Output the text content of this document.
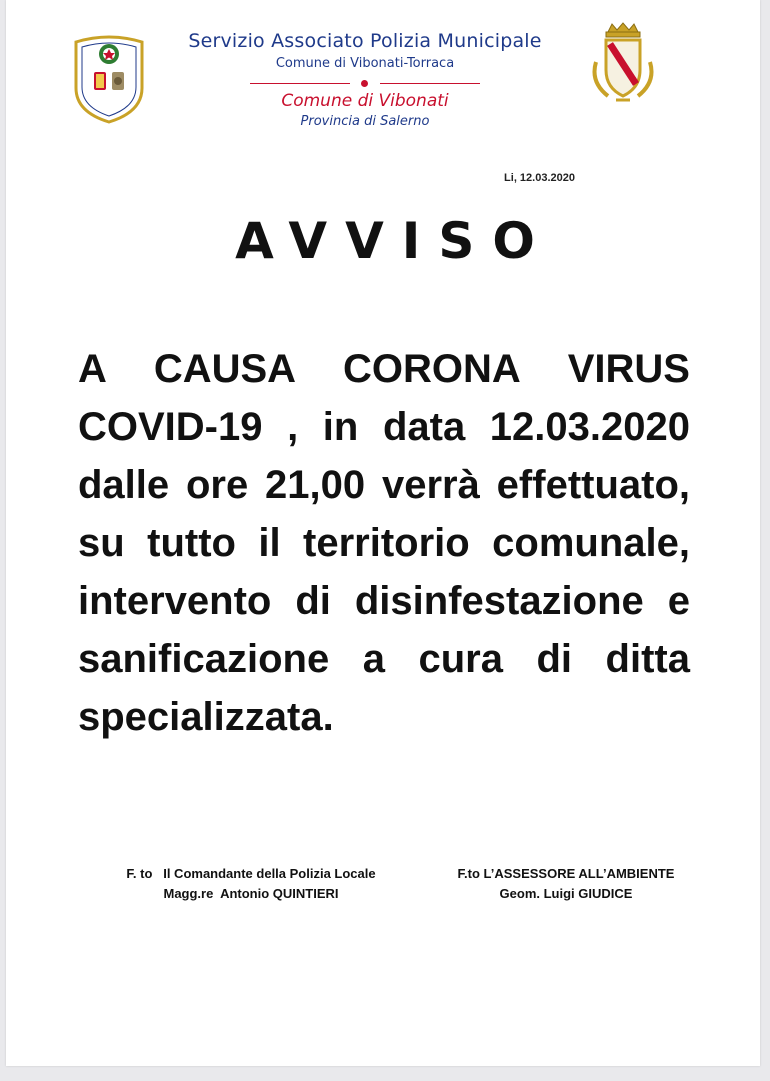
Servizio Associato Polizia Municipale
Comune di Vibonati-Torraca
Comune di Vibonati
Provincia di Salerno
Li, 12.03.2020
AVVISO
A CAUSA CORONA VIRUS COVID-19 , in data 12.03.2020 dalle ore 21,00 verrà effettuato, su tutto il territorio comunale, intervento di disinfestazione e sanificazione a cura di ditta specializzata.
F. to   Il Comandante della Polizia Locale
Magg.re  Antonio QUINTIERI
F.to L’ASSESSORE ALL’AMBIENTE
Geom. Luigi GIUDICE
